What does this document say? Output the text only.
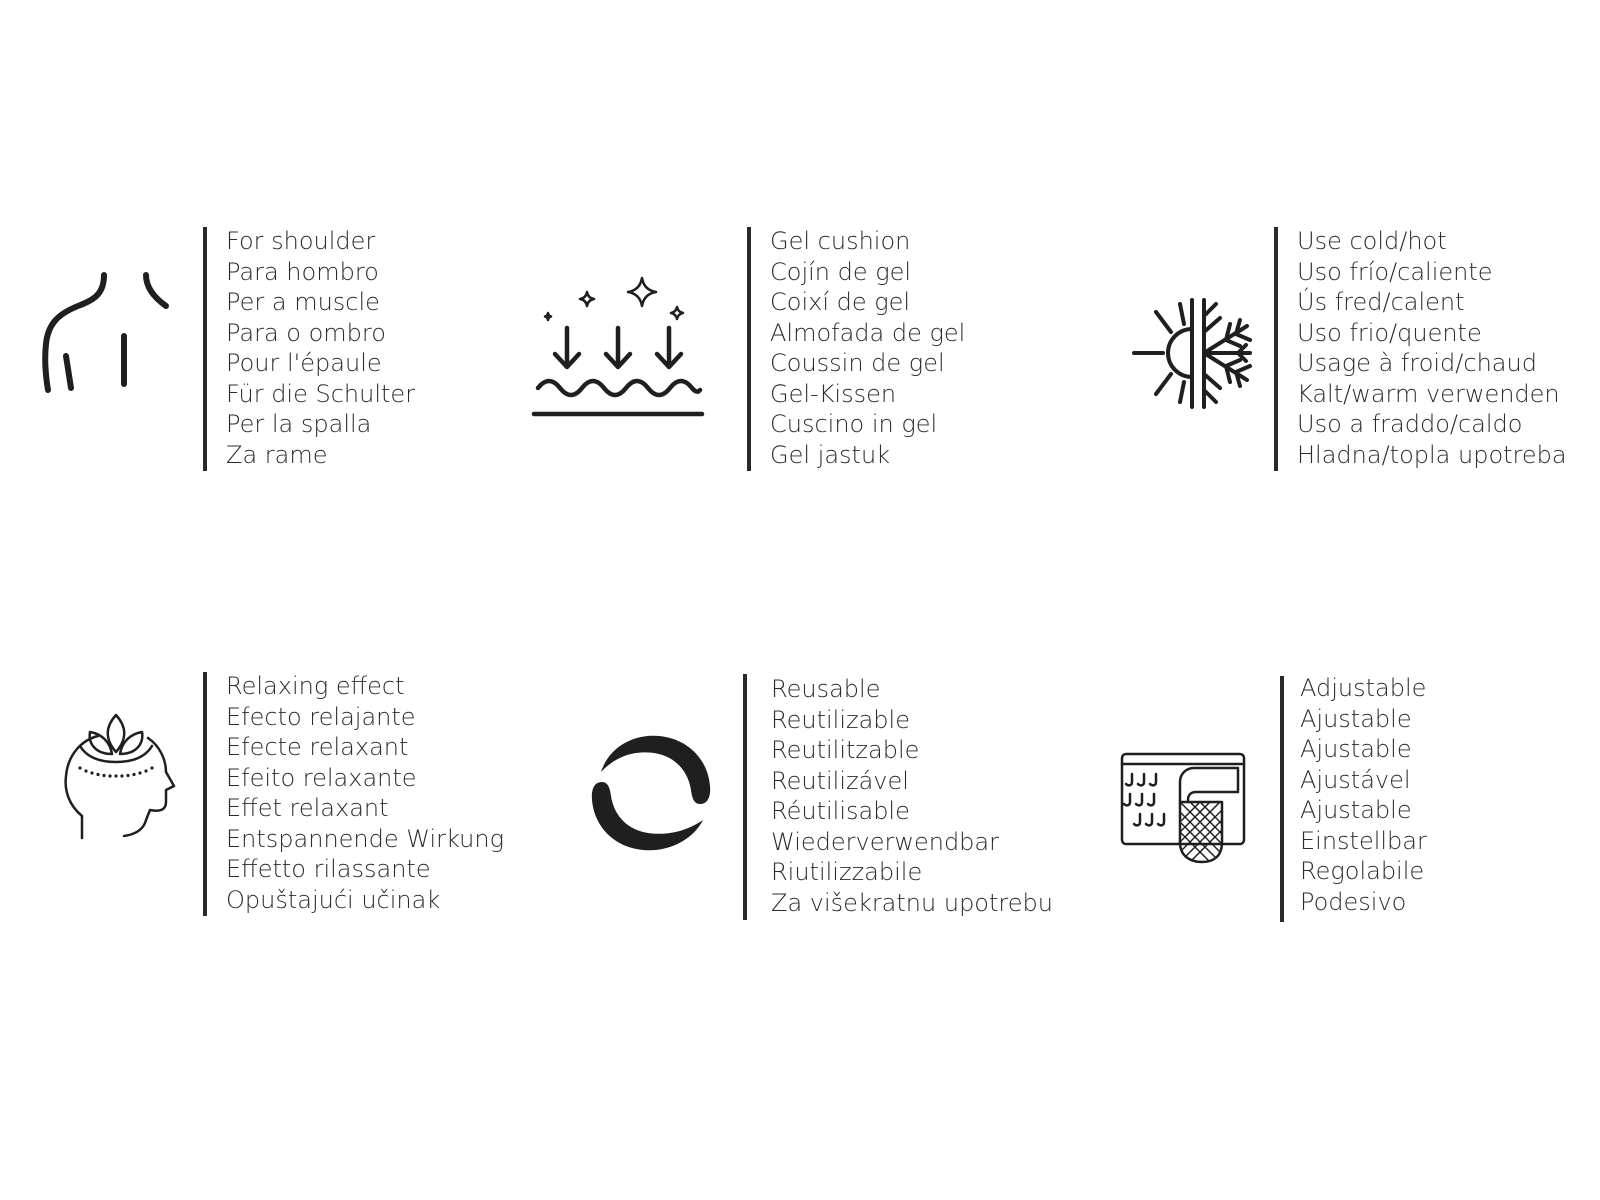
For shoulder
Para hombro
Per a muscle
Para o ombro
Pour l'épaule
Für die Schulter
Per la spalla
Za rame
Gel cushion
Cojín de gel
Coixí de gel
Almofada de gel
Coussin de gel
Gel-Kissen
Cuscino in gel
Gel jastuk
Use cold/hot
Uso frío/caliente
Ús fred/calent
Uso frio/quente
Usage à froid/chaud
Kalt/warm verwenden
Uso a fraddo/caldo
Hladna/topla upotreba
Relaxing effect
Efecto relajante
Efecte relaxant
Efeito relaxante
Effet relaxant
Entspannende Wirkung
Effetto rilassante
Opuštajući učinak
Reusable
Reutilizable
Reutilitzable
Reutilizável
Réutilisable
Wiederverwendbar
Riutilizzabile
Za višekratnu upotrebu
Adjustable
Ajustable
Ajustable
Ajustável
Ajustable
Einstellbar
Regolabile
Podesivo
